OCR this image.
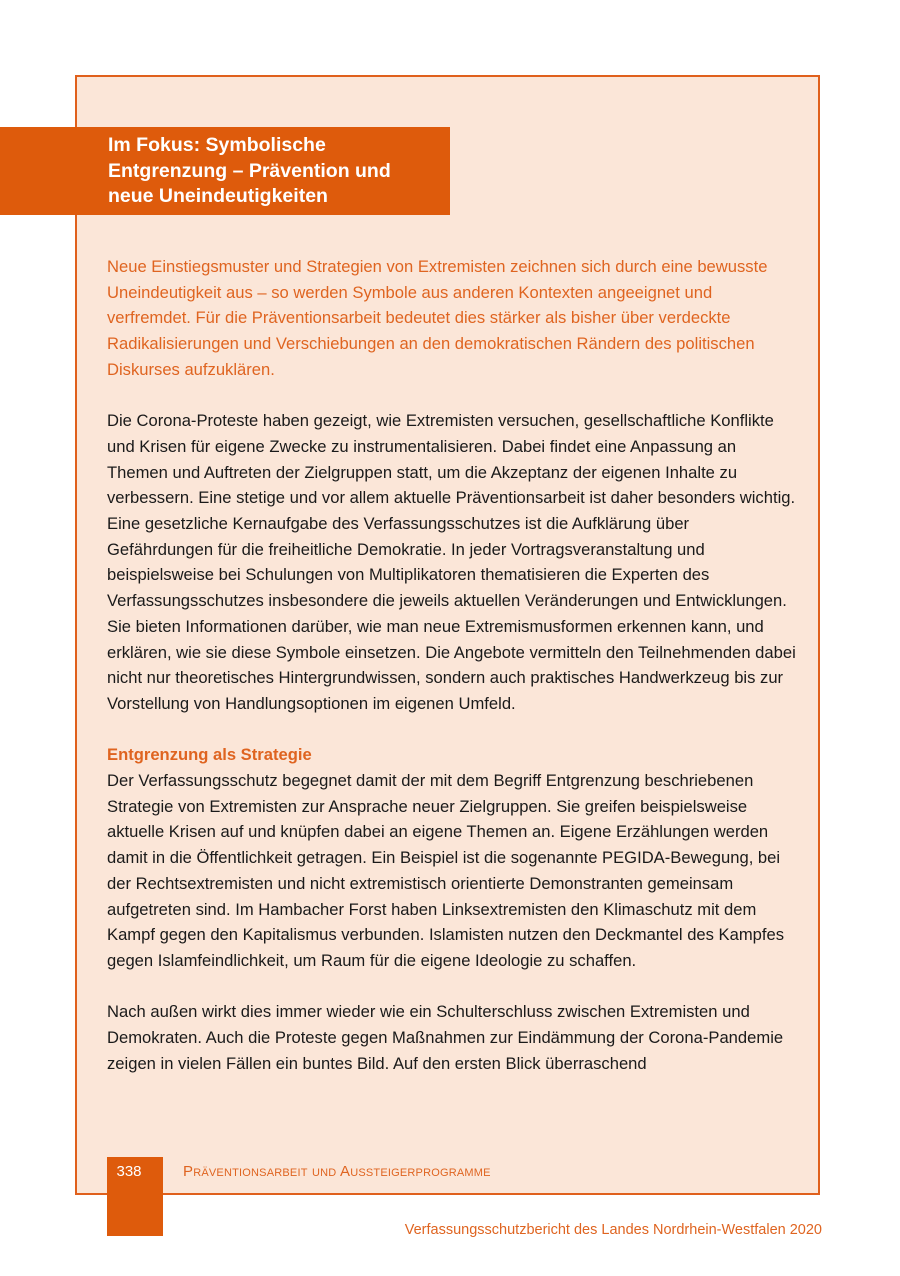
Im Fokus: Symbolische Entgrenzung – Prävention und neue Uneindeutigkeiten

Neue Einstiegsmuster und Strategien von Extremisten zeichnen sich durch eine bewusste Uneindeutigkeit aus – so werden Symbole aus anderen Kontexten angeeignet und verfremdet. Für die Präventionsarbeit bedeutet dies stärker als bisher über verdeckte Radikalisierungen und Verschiebungen an den demokratischen Rändern des politischen Diskurses aufzuklären.

Die Corona-Proteste haben gezeigt, wie Extremisten versuchen, gesellschaftliche Konflikte und Krisen für eigene Zwecke zu instrumentalisieren. Dabei findet eine Anpassung an Themen und Auftreten der Zielgruppen statt, um die Akzeptanz der eigenen Inhalte zu verbessern. Eine stetige und vor allem aktuelle Präventionsarbeit ist daher besonders wichtig. Eine gesetzliche Kernaufgabe des Verfassungsschutzes ist die Aufklärung über Gefährdungen für die freiheitliche Demokratie. In jeder Vortragsveranstaltung und beispielsweise bei Schulungen von Multiplikatoren thematisieren die Experten des Verfassungsschutzes insbesondere die jeweils aktuellen Veränderungen und Entwicklungen. Sie bieten Informationen darüber, wie man neue Extremismusformen erkennen kann, und erklären, wie sie diese Symbole einsetzen. Die Angebote vermitteln den Teilnehmenden dabei nicht nur theoretisches Hintergrundwissen, sondern auch praktisches Handwerkzeug bis zur Vorstellung von Handlungsoptionen im eigenen Umfeld.

Entgrenzung als Strategie

Der Verfassungsschutz begegnet damit der mit dem Begriff Entgrenzung beschriebenen Strategie von Extremisten zur Ansprache neuer Zielgruppen. Sie greifen beispielsweise aktuelle Krisen auf und knüpfen dabei an eigene Themen an. Eigene Erzählungen werden damit in die Öffentlichkeit getragen. Ein Beispiel ist die sogenannte PEGIDA-Bewegung, bei der Rechtsextremisten und nicht extremistisch orientierte Demonstranten gemeinsam aufgetreten sind. Im Hambacher Forst haben Linksextremisten den Klimaschutz mit dem Kampf gegen den Kapitalismus verbunden. Islamisten nutzen den Deckmantel des Kampfes gegen Islamfeindlichkeit, um Raum für die eigene Ideologie zu schaffen.

Nach außen wirkt dies immer wieder wie ein Schulterschluss zwischen Extremisten und Demokraten. Auch die Proteste gegen Maßnahmen zur Eindämmung der Corona-Pandemie zeigen in vielen Fällen ein buntes Bild. Auf den ersten Blick überraschend

338	Präventionsarbeit und Aussteigerprogramme
Verfassungsschutzbericht des Landes Nordrhein-Westfalen 2020
